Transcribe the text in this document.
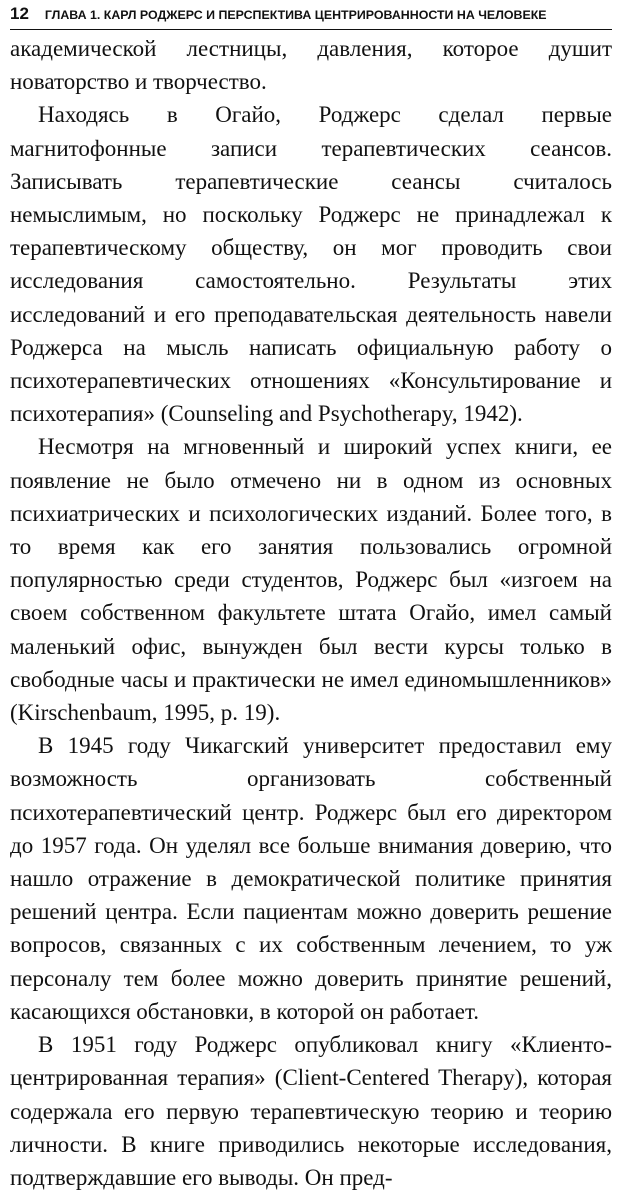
12 ГЛАВА 1. КАРЛ РОДЖЕРС И ПЕРСПЕКТИВА ЦЕНТРИРОВАННОСТИ НА ЧЕЛОВЕКЕ

академической лестницы, давления, которое душит новаторство и творчество.

Находясь в Огайо, Роджерс сделал первые магнитофонные записи терапевтических сеансов. Записывать терапевтические сеансы считалось немыслимым, но поскольку Роджерс не принадлежал к терапевтическому обществу, он мог проводить свои исследования самостоятельно. Результаты этих исследований и его преподавательская деятельность навели Роджерса на мысль написать официальную работу о психотерапевтических отношениях «Консультирование и психотерапия» (Counseling and Psychotherapy, 1942).

Несмотря на мгновенный и широкий успех книги, ее появление не было отмечено ни в одном из основных психиатрических и психологических изданий. Более того, в то время как его занятия пользовались огромной популярностью среди студентов, Роджерс был «изгоем на своем собственном факультете штата Огайо, имел самый маленький офис, вынужден был вести курсы только в свободные часы и практически не имел единомышленников» (Kirschenbaum, 1995, p. 19).

В 1945 году Чикагский университет предоставил ему возможность организовать собственный психотерапевтический центр. Роджерс был его директором до 1957 года. Он уделял все больше внимания доверию, что нашло отражение в демократической политике принятия решений центра. Если пациентам можно доверить решение вопросов, связанных с их собственным лечением, то уж персоналу тем более можно доверить принятие решений, касающихся обстановки, в которой он работает.

В 1951 году Роджерс опубликовал книгу «Клиенто-центрированная терапия» (Client-Centered Therapy), которая содержала его первую терапевтическую теорию и теорию личности. В книге приводились некоторые исследования, подтверждавшие его выводы. Он пред-
